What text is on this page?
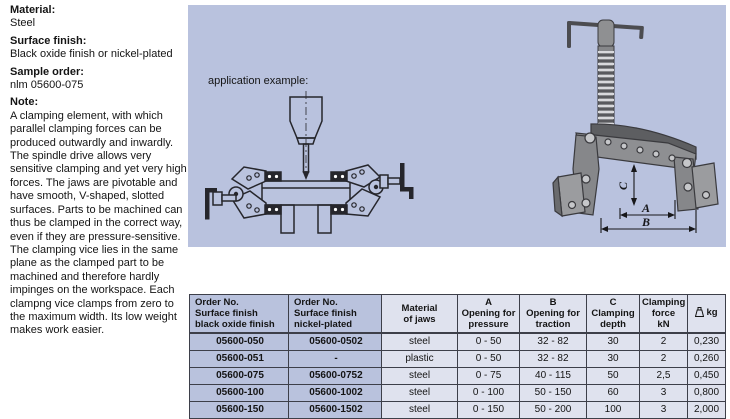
Material:
Steel
Surface finish:
Black oxide finish or nickel-plated
Sample order:
nlm 05600-075
Note:
A clamping element, with which parallel clamping forces can be produced outwardly and inwardly. The spindle drive allows very sensitive clamping and yet very high forces. The jaws are pivotable and have smooth, V-shaped, slotted surfaces. Parts to be machined can thus be clamped in the correct way, even if they are pressure-sensitive. The clamping vice lies in the same plane as the clamped part to be machined and therefore hardly impinges on the workspace. Each clampng vice clamps from zero to the maximum width. Its low weight makes work easier.
application example:
C
A
B
Order No.
Surface finish
black oxide finish	Order No.
Surface finish
nickel-plated	Material
of jaws	A
Opening for
pressure	B
Opening for
traction	C
Clamping
depth	Clamping
force
kN	kg

05600-050	05600-0502	steel	0 - 50	32 - 82	30	2	0,230
05600-051	-	plastic	0 - 50	32 - 82	30	2	0,260
05600-075	05600-0752	steel	0 - 75	40 - 115	50	2,5	0,450
05600-100	05600-1002	steel	0 - 100	50 - 150	60	3	0,800
05600-150	05600-1502	steel	0 - 150	50 - 200	100	3	2,000
